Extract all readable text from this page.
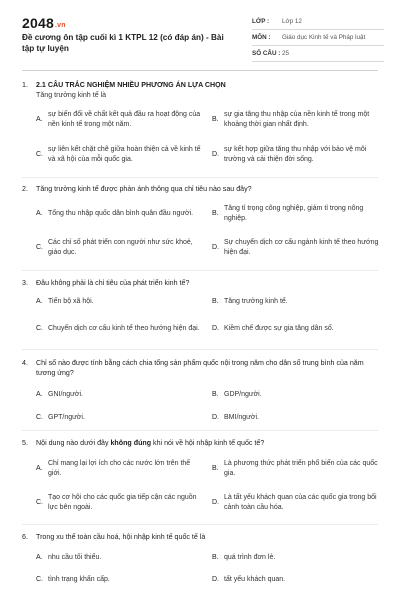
2048.vn
Đề cương ôn tập cuối kì 1 KTPL 12 (có đáp án) - Bài tập tự luyện
LỚP :	Lớp 12
MÔN :	Giáo dục Kinh tế và Pháp luật
SỐ CÂU : 25
1.	2.1 CÂU TRẮC NGHIỆM NHIỀU PHƯƠNG ÁN LỰA CHỌN
Tăng trưởng kinh tế là
A.
sự biến đổi về chất kết quả đầu ra hoạt động của nền kinh tế trong một năm.
B.
sự gia tăng thu nhập của nền kinh tế trong một khoảng thời gian nhất định.
C.
sự liên kết chặt chẽ giữa hoàn thiện cả về kinh tế và xã hội của mỗi quốc gia.
D.
sự kết hợp giữa tăng thu nhập với bảo vệ môi trường và cải thiện đời sống.
2.	Tăng trưởng kinh tế được phản ánh thông qua chỉ tiêu nào sau đây?
A. Tổng thu nhập quốc dân bình quân đầu người.	B.
Tăng tỉ trọng công nghiệp, giảm tỉ trọng nông nghiệp.
C.
Các chỉ số phát triển con người như sức khoẻ, giáo dục.
D.
Sự chuyển dịch cơ cấu ngành kinh tế theo hướng hiện đại.
3.	Đâu không phải là chỉ tiêu của phát triển kinh tế?
A. Tiến bộ xã hội.	B. Tăng trưởng kinh tế.
C. Chuyển dịch cơ cấu kinh tế theo hướng hiện đại.	D. Kiềm chế được sự gia tăng dân số.
4.	Chỉ số nào được tính bằng cách chia tổng sản phẩm quốc nội trong năm cho dân số trung bình của năm tương ứng?
A. GNI/người.	B. GDP/người.
C. GPT/người.	D. BMI/người.
5.	Nội dung nào dưới đây không đúng khi nói về hội nhập kinh tế quốc tế?
A.
Chỉ mang lại lợi ích cho các nước lớn trên thế giới.
B.
Là phương thức phát triển phổ biến của các quốc gia.
C.
Tạo cơ hội cho các quốc gia tiếp cận các nguồn lực bên ngoài.
D.
Là tất yếu khách quan của các quốc gia trong bối cảnh toàn cầu hóa.
6.	Trong xu thế toàn cầu hoá, hội nhập kinh tế quốc tế là
A. nhu cầu tối thiểu.	B. quá trình đơn lẻ.
C. tình trạng khẩn cấp.	D. tất yếu khách quan.
